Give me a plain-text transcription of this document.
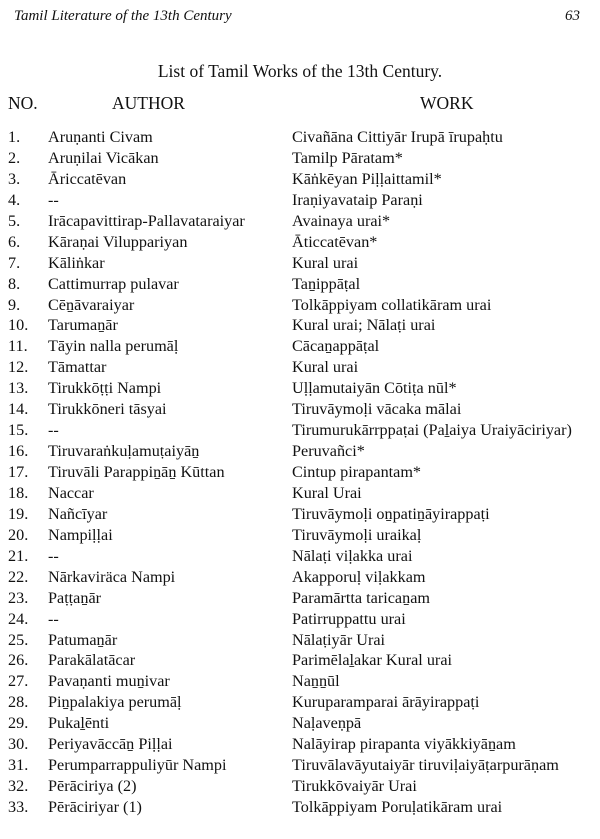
Tamil Literature of the 13th Century	63
List of Tamil Works of the 13th Century.
NO.	AUTHOR	WORK
1. Aruṇanti Civam	Civañāna Cittiyār Irupā īrupaḥtu
2. Aruṇilai Vicākan	Tamilp Pāratam*
3. Āriccatēvan	Kāṅkēyan Piḷḷaittamil*
4. --	Iraṇiyavataip Paraṇi
5. Irācapavittirap-Pallavataraiyar	Avainaya urai*
6. Kāraṇai Viluppariyan	Āticcatēvan*
7. Kāliṅkar	Kural urai
8. Cattimurrap pulavar	Taṉippāṭal
9. Cēṉāvaraiyar	Tolkāppiyam collatikāram urai
10. Tarumaṉār	Kural urai; Nālaṭi urai
11. Tāyin nalla perumāḷ	Cācaṉappāṭal
12. Tāmattar	Kural urai
13. Tirukkōṭṭi Nampi	Uḷḷamutaiyān Cōtiṭa nūl*
14. Tirukkōneri tāsyai	Tiruvāymoḷi vācaka mālai
15. --	Tirumurukārrppaṭai (Paḻaiya Uraiyāciriyar)
16. Tiruvaraṅkuḷamuṭaiyāṉ	Peruvañci*
17. Tiruvāli Parappiṉāṉ Kūttan	Cintup pirapantam*
18. Naccar	Kural Urai
19. Nañcīyar	Tiruvāymoḷi oṉpatiṉāyirappaṭi
20. Nampiḷḷai	Tiruvāymoḷi uraikaḷ
21. --	Nālaṭi viḷakka urai
22. Nārkaviräca Nampi	Akapporuḷ viḷakkam
23. Paṭṭaṉār	Paramārtta taricaṉam
24. --	Patirruppattu urai
25. Patumaṉār	Nālaṭiyār Urai
26. Parakālatācar	Parimēlaḻakar Kural urai
27. Pavaṇanti muṉivar	Naṉṉūl
28. Piṉpalakiya perumāḷ	Kuruparamparai ārāyirappaṭi
29. Pukaḻēnti	Naḷaveṇpā
30. Periyavāccāṉ Piḷḷai	Nalāyirap pirapanta viyākkiyāṉam
31. Perumparrappuliyūr Nampi	Tiruvālavāyutaiyār tiruviḷaiyāṭarpurāṇam
32. Pērāciriya (2)	Tirukkōvaiyār Urai
33. Pērāciriyar (1)	Tolkāppiyam Poruḷatikāram urai
